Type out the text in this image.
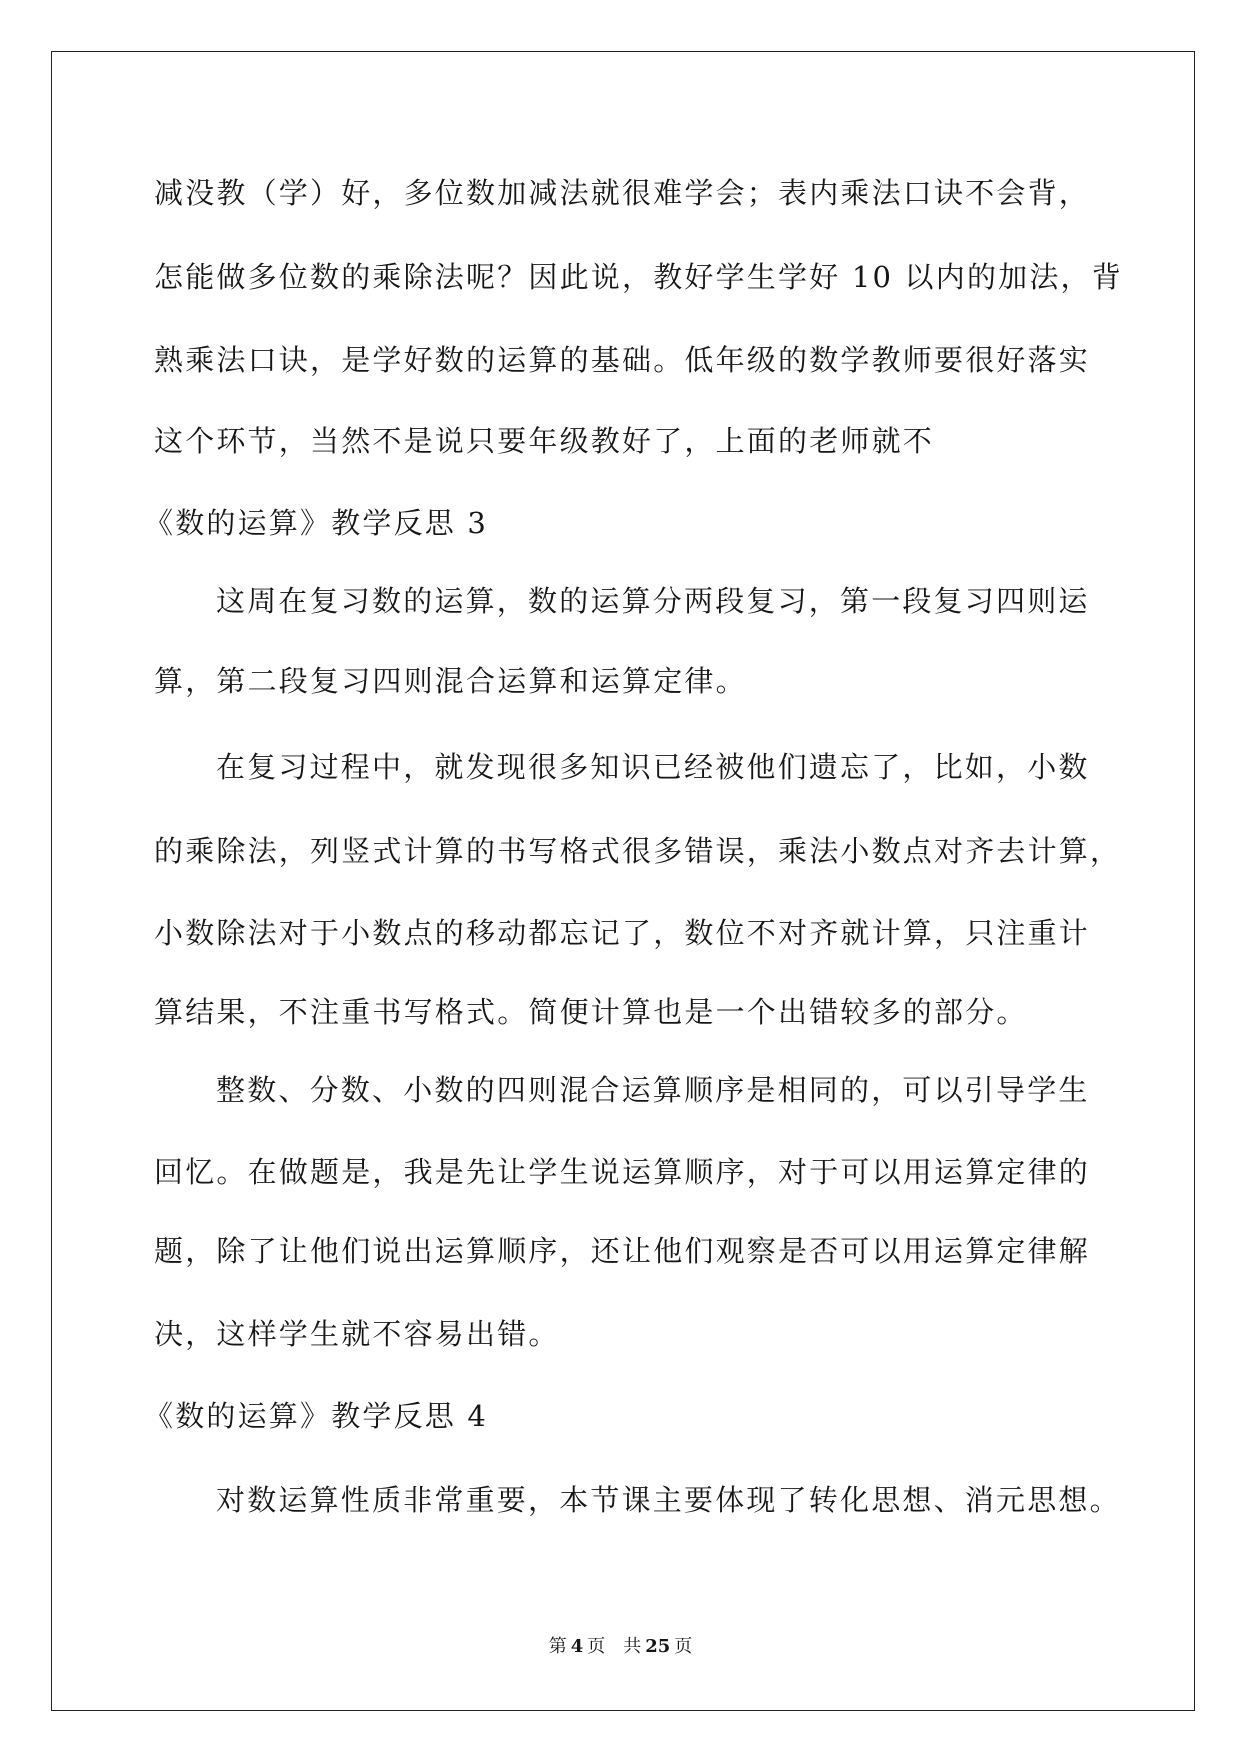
减没教（学）好，多位数加减法就很难学会；表内乘法口诀不会背，
怎能做多位数的乘除法呢？因此说，教好学生学好 10 以内的加法，背
熟乘法口诀，是学好数的运算的基础。低年级的数学教师要很好落实
这个环节，当然不是说只要年级教好了，上面的老师就不
《数的运算》教学反思 3
这周在复习数的运算，数的运算分两段复习，第一段复习四则运
算，第二段复习四则混合运算和运算定律。
在复习过程中，就发现很多知识已经被他们遗忘了，比如，小数
的乘除法，列竖式计算的书写格式很多错误，乘法小数点对齐去计算，
小数除法对于小数点的移动都忘记了，数位不对齐就计算，只注重计
算结果，不注重书写格式。简便计算也是一个出错较多的部分。
整数、分数、小数的四则混合运算顺序是相同的，可以引导学生
回忆。在做题是，我是先让学生说运算顺序，对于可以用运算定律的
题，除了让他们说出运算顺序，还让他们观察是否可以用运算定律解
决，这样学生就不容易出错。
《数的运算》教学反思 4
对数运算性质非常重要，本节课主要体现了转化思想、消元思想。
第 4 页 共 25 页
